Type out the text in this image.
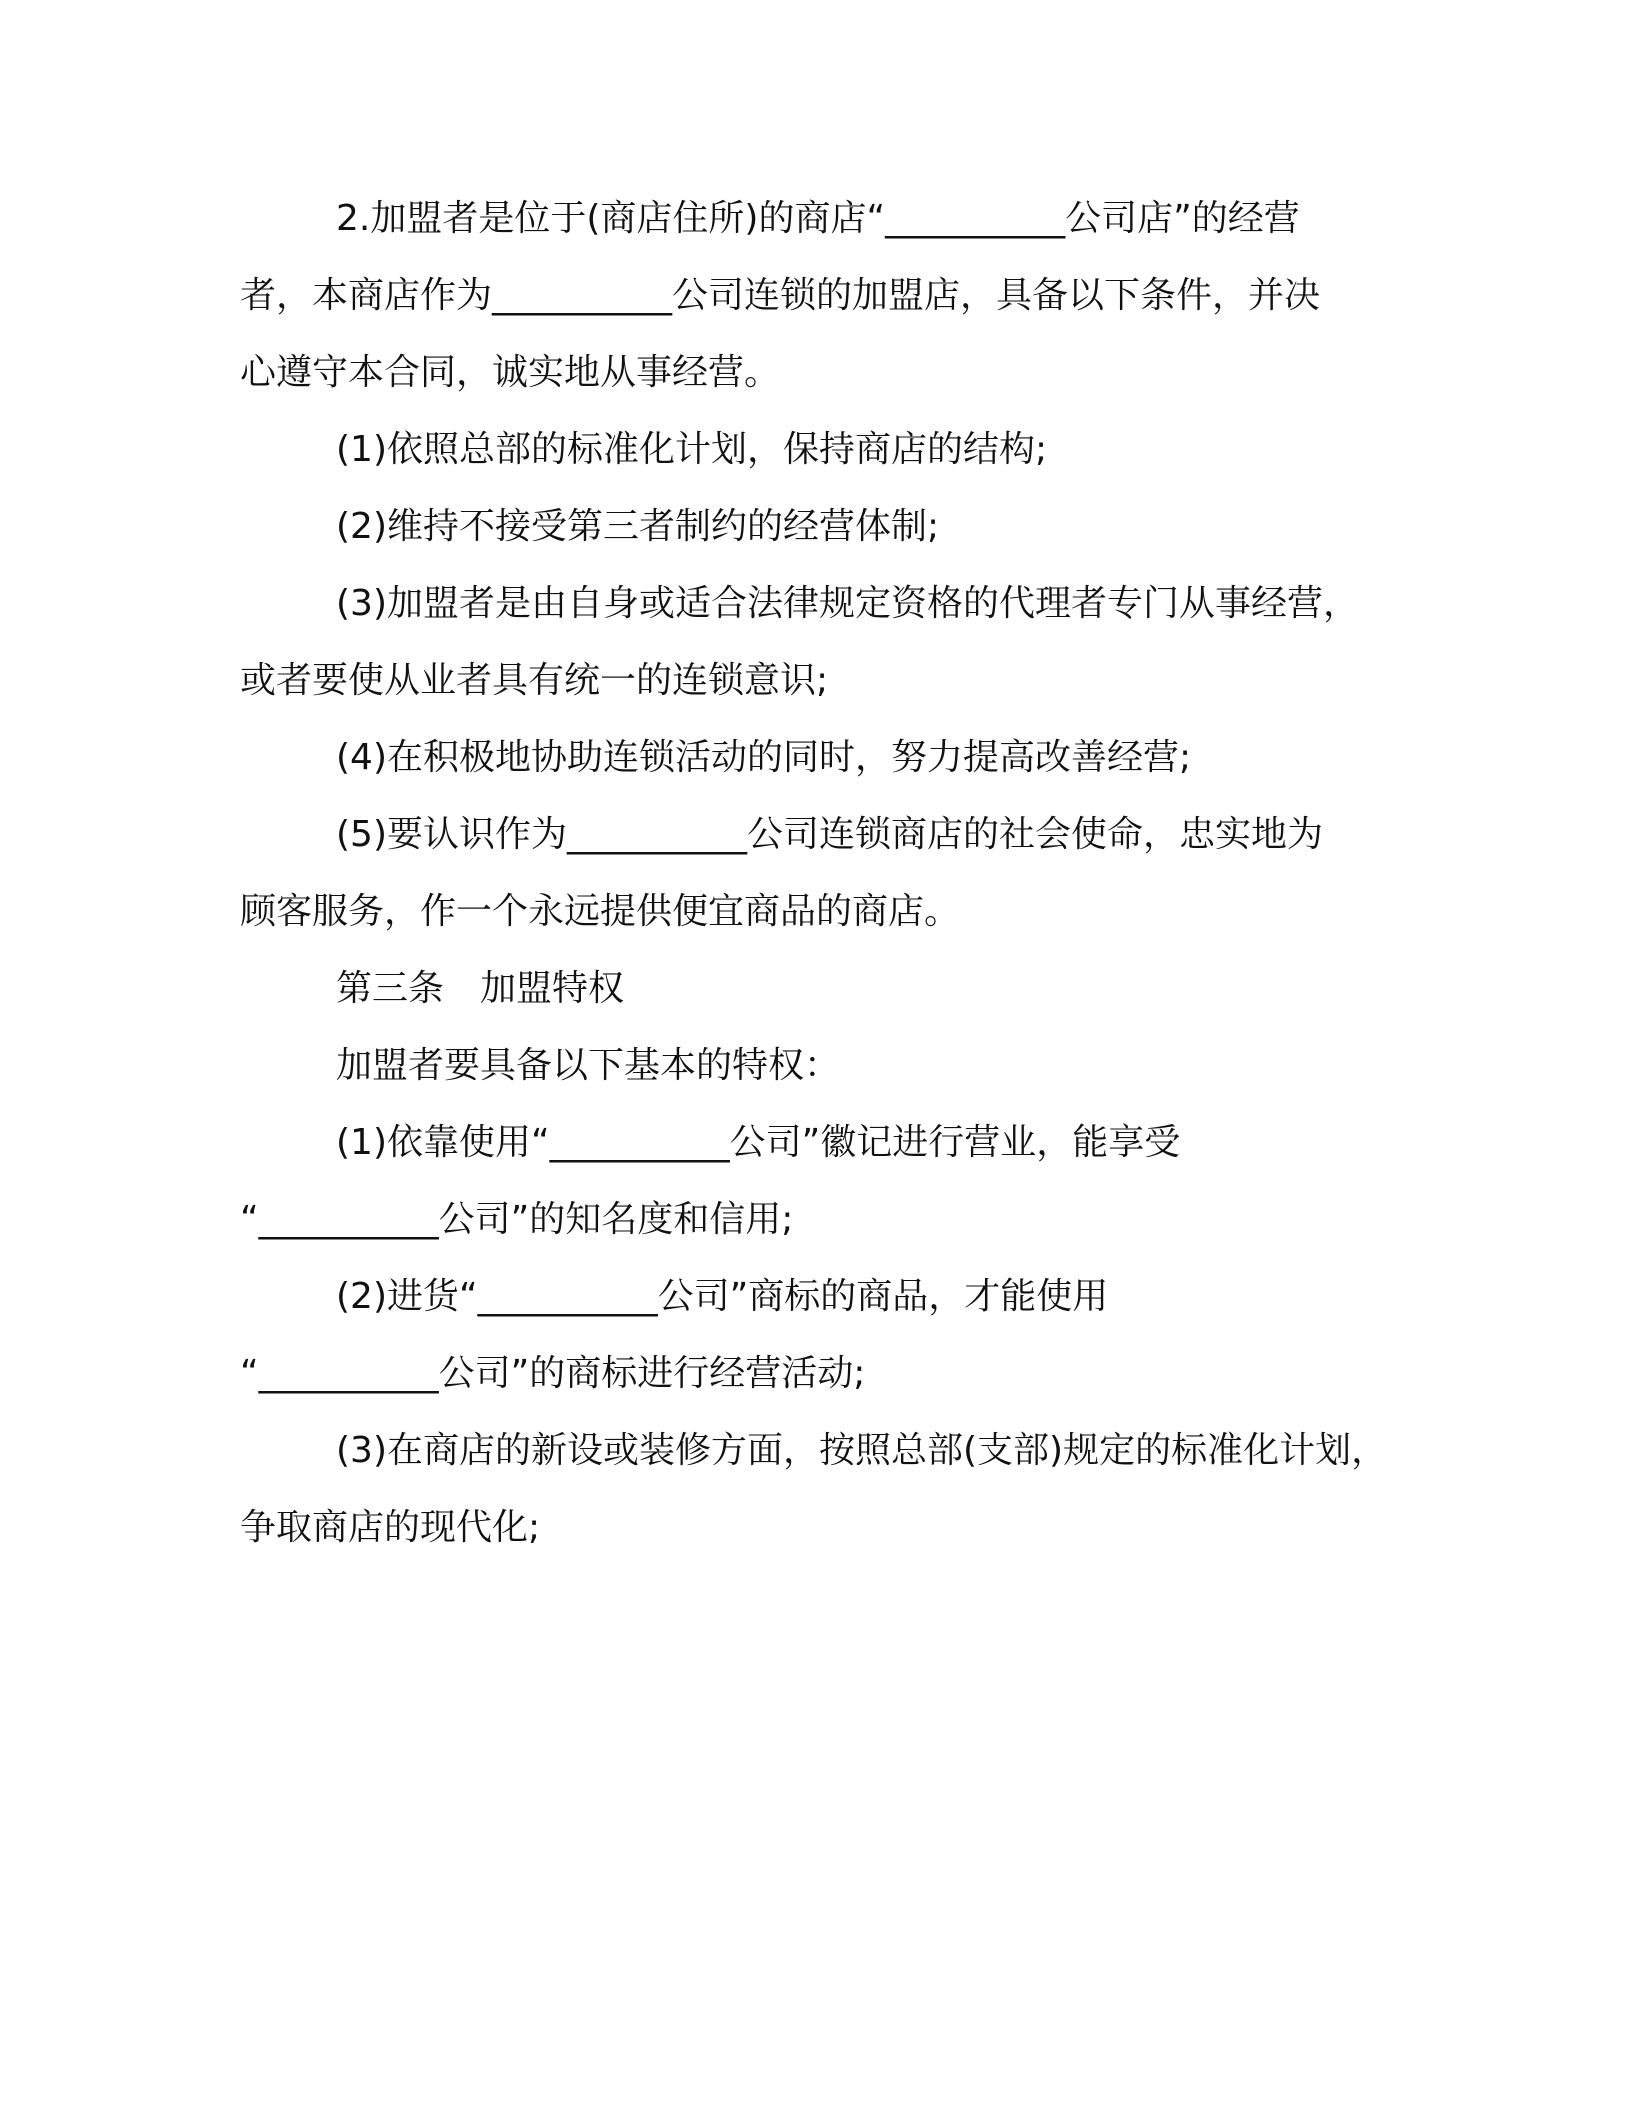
2.加盟者是位于(商店住所)的商店“__________公司店”的经营

者，本商店作为__________公司连锁的加盟店，具备以下条件，并决
心遵守本合同，诚实地从事经营。

(1)依照总部的标准化计划，保持商店的结构;

(2)维持不接受第三者制约的经营体制;

(3)加盟者是由自身或适合法律规定资格的代理者专门从事经营，

或者要使从业者具有统一的连锁意识;

(4)在积极地协助连锁活动的同时，努力提高改善经营;

(5)要认识作为__________公司连锁商店的社会使命，忠实地为

顾客服务，作一个永远提供便宜商品的商店。

第三条　加盟特权

加盟者要具备以下基本的特权：

(1)依靠使用“__________公司”徽记进行营业，能享受

“__________公司”的知名度和信用;

(2)进货“__________公司”商标的商品，才能使用

“__________公司”的商标进行经营活动;

(3)在商店的新设或装修方面，按照总部(支部)规定的标准化计划，

争取商店的现代化;
